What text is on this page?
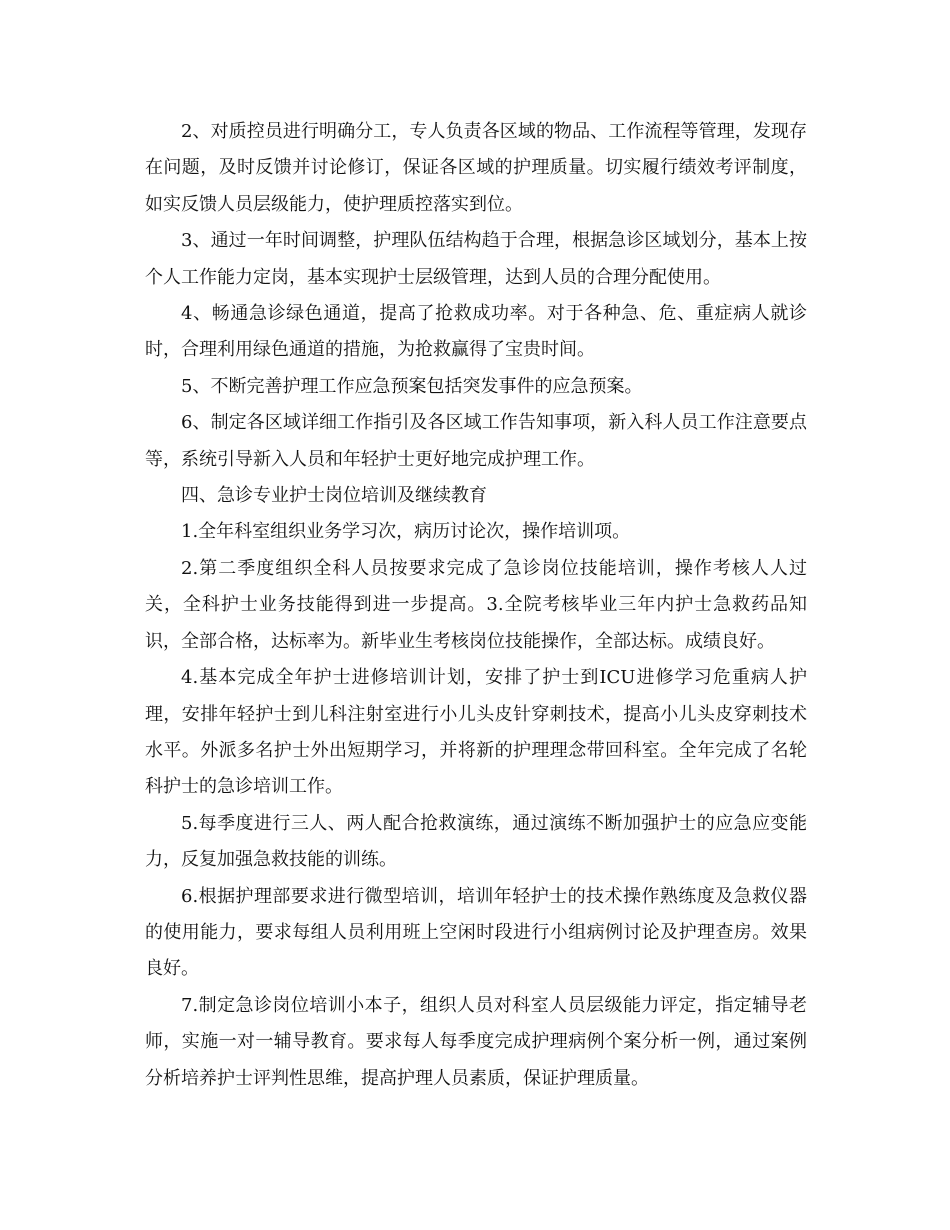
2、对质控员进行明确分工，专人负责各区域的物品、工作流程等管理，发现存在问题，及时反馈并讨论修订，保证各区域的护理质量。切实履行绩效考评制度，如实反馈人员层级能力，使护理质控落实到位。

3、通过一年时间调整，护理队伍结构趋于合理，根据急诊区域划分，基本上按个人工作能力定岗，基本实现护士层级管理，达到人员的合理分配使用。

4、畅通急诊绿色通道，提高了抢救成功率。对于各种急、危、重症病人就诊时，合理利用绿色通道的措施，为抢救赢得了宝贵时间。

5、不断完善护理工作应急预案包括突发事件的应急预案。

6、制定各区域详细工作指引及各区域工作告知事项，新入科人员工作注意要点等，系统引导新入人员和年轻护士更好地完成护理工作。

四、急诊专业护士岗位培训及继续教育

1.全年科室组织业务学习次，病历讨论次，操作培训项。

2.第二季度组织全科人员按要求完成了急诊岗位技能培训，操作考核人人过关，全科护士业务技能得到进一步提高。3.全院考核毕业三年内护士急救药品知识，全部合格，达标率为。新毕业生考核岗位技能操作，全部达标。成绩良好。

4.基本完成全年护士进修培训计划，安排了护士到ICU进修学习危重病人护理，安排年轻护士到儿科注射室进行小儿头皮针穿刺技术，提高小儿头皮穿刺技术水平。外派多名护士外出短期学习，并将新的护理理念带回科室。全年完成了名轮科护士的急诊培训工作。

5.每季度进行三人、两人配合抢救演练，通过演练不断加强护士的应急应变能力，反复加强急救技能的训练。

6.根据护理部要求进行微型培训，培训年轻护士的技术操作熟练度及急救仪器的使用能力，要求每组人员利用班上空闲时段进行小组病例讨论及护理查房。效果良好。

7.制定急诊岗位培训小本子，组织人员对科室人员层级能力评定，指定辅导老师，实施一对一辅导教育。要求每人每季度完成护理病例个案分析一例，通过案例分析培养护士评判性思维，提高护理人员素质，保证护理质量。
